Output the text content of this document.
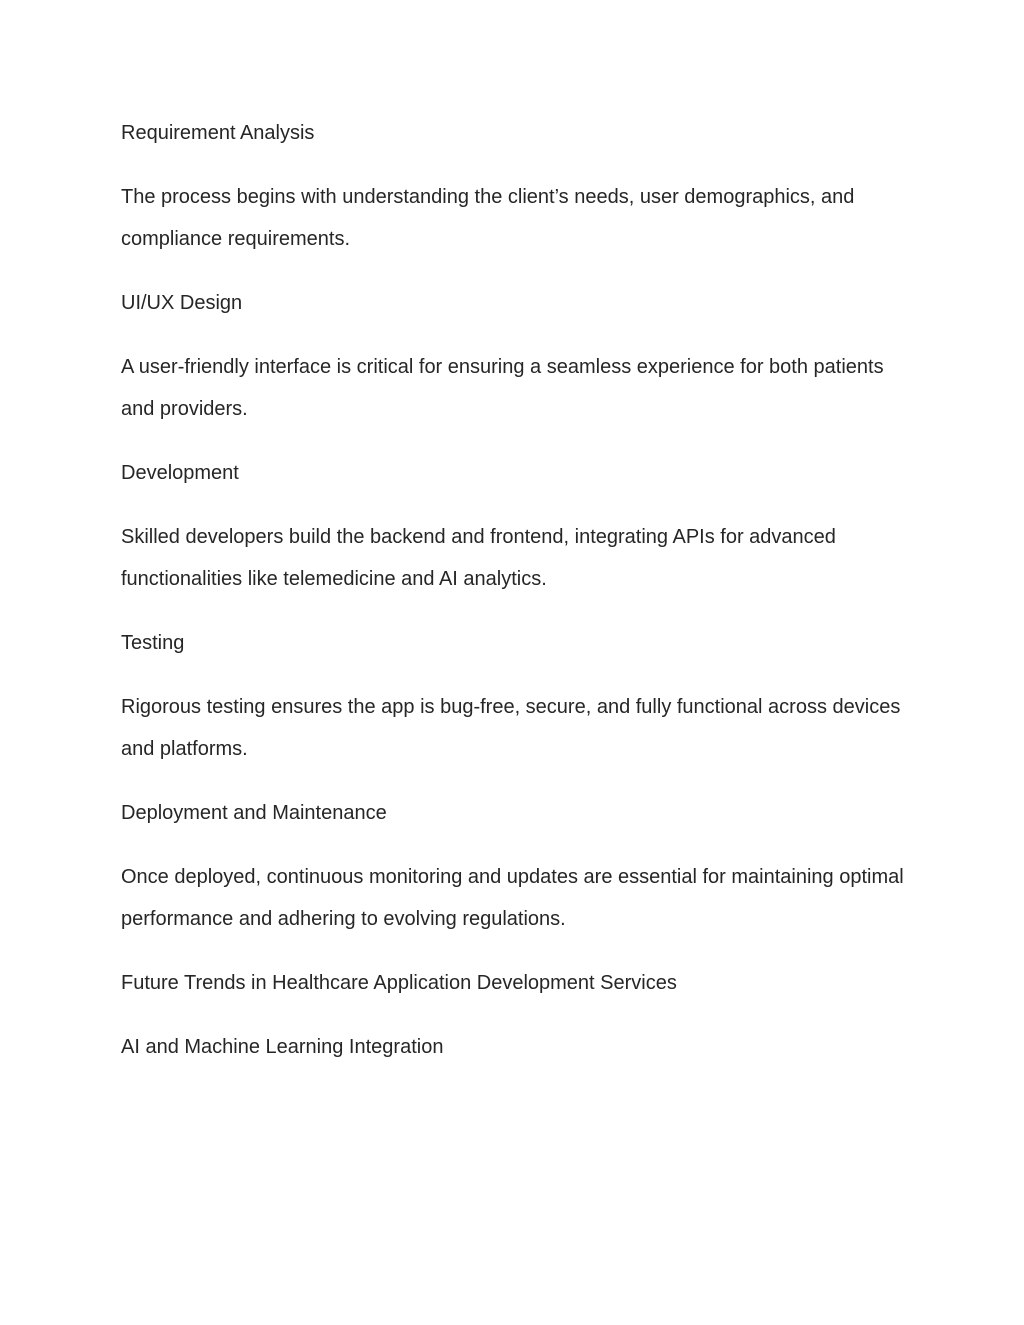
Requirement Analysis

The process begins with understanding the client’s needs, user demographics, and compliance requirements.

UI/UX Design

A user-friendly interface is critical for ensuring a seamless experience for both patients and providers.

Development

Skilled developers build the backend and frontend, integrating APIs for advanced functionalities like telemedicine and AI analytics.

Testing

Rigorous testing ensures the app is bug-free, secure, and fully functional across devices and platforms.

Deployment and Maintenance

Once deployed, continuous monitoring and updates are essential for maintaining optimal performance and adhering to evolving regulations.

Future Trends in Healthcare Application Development Services

AI and Machine Learning Integration
